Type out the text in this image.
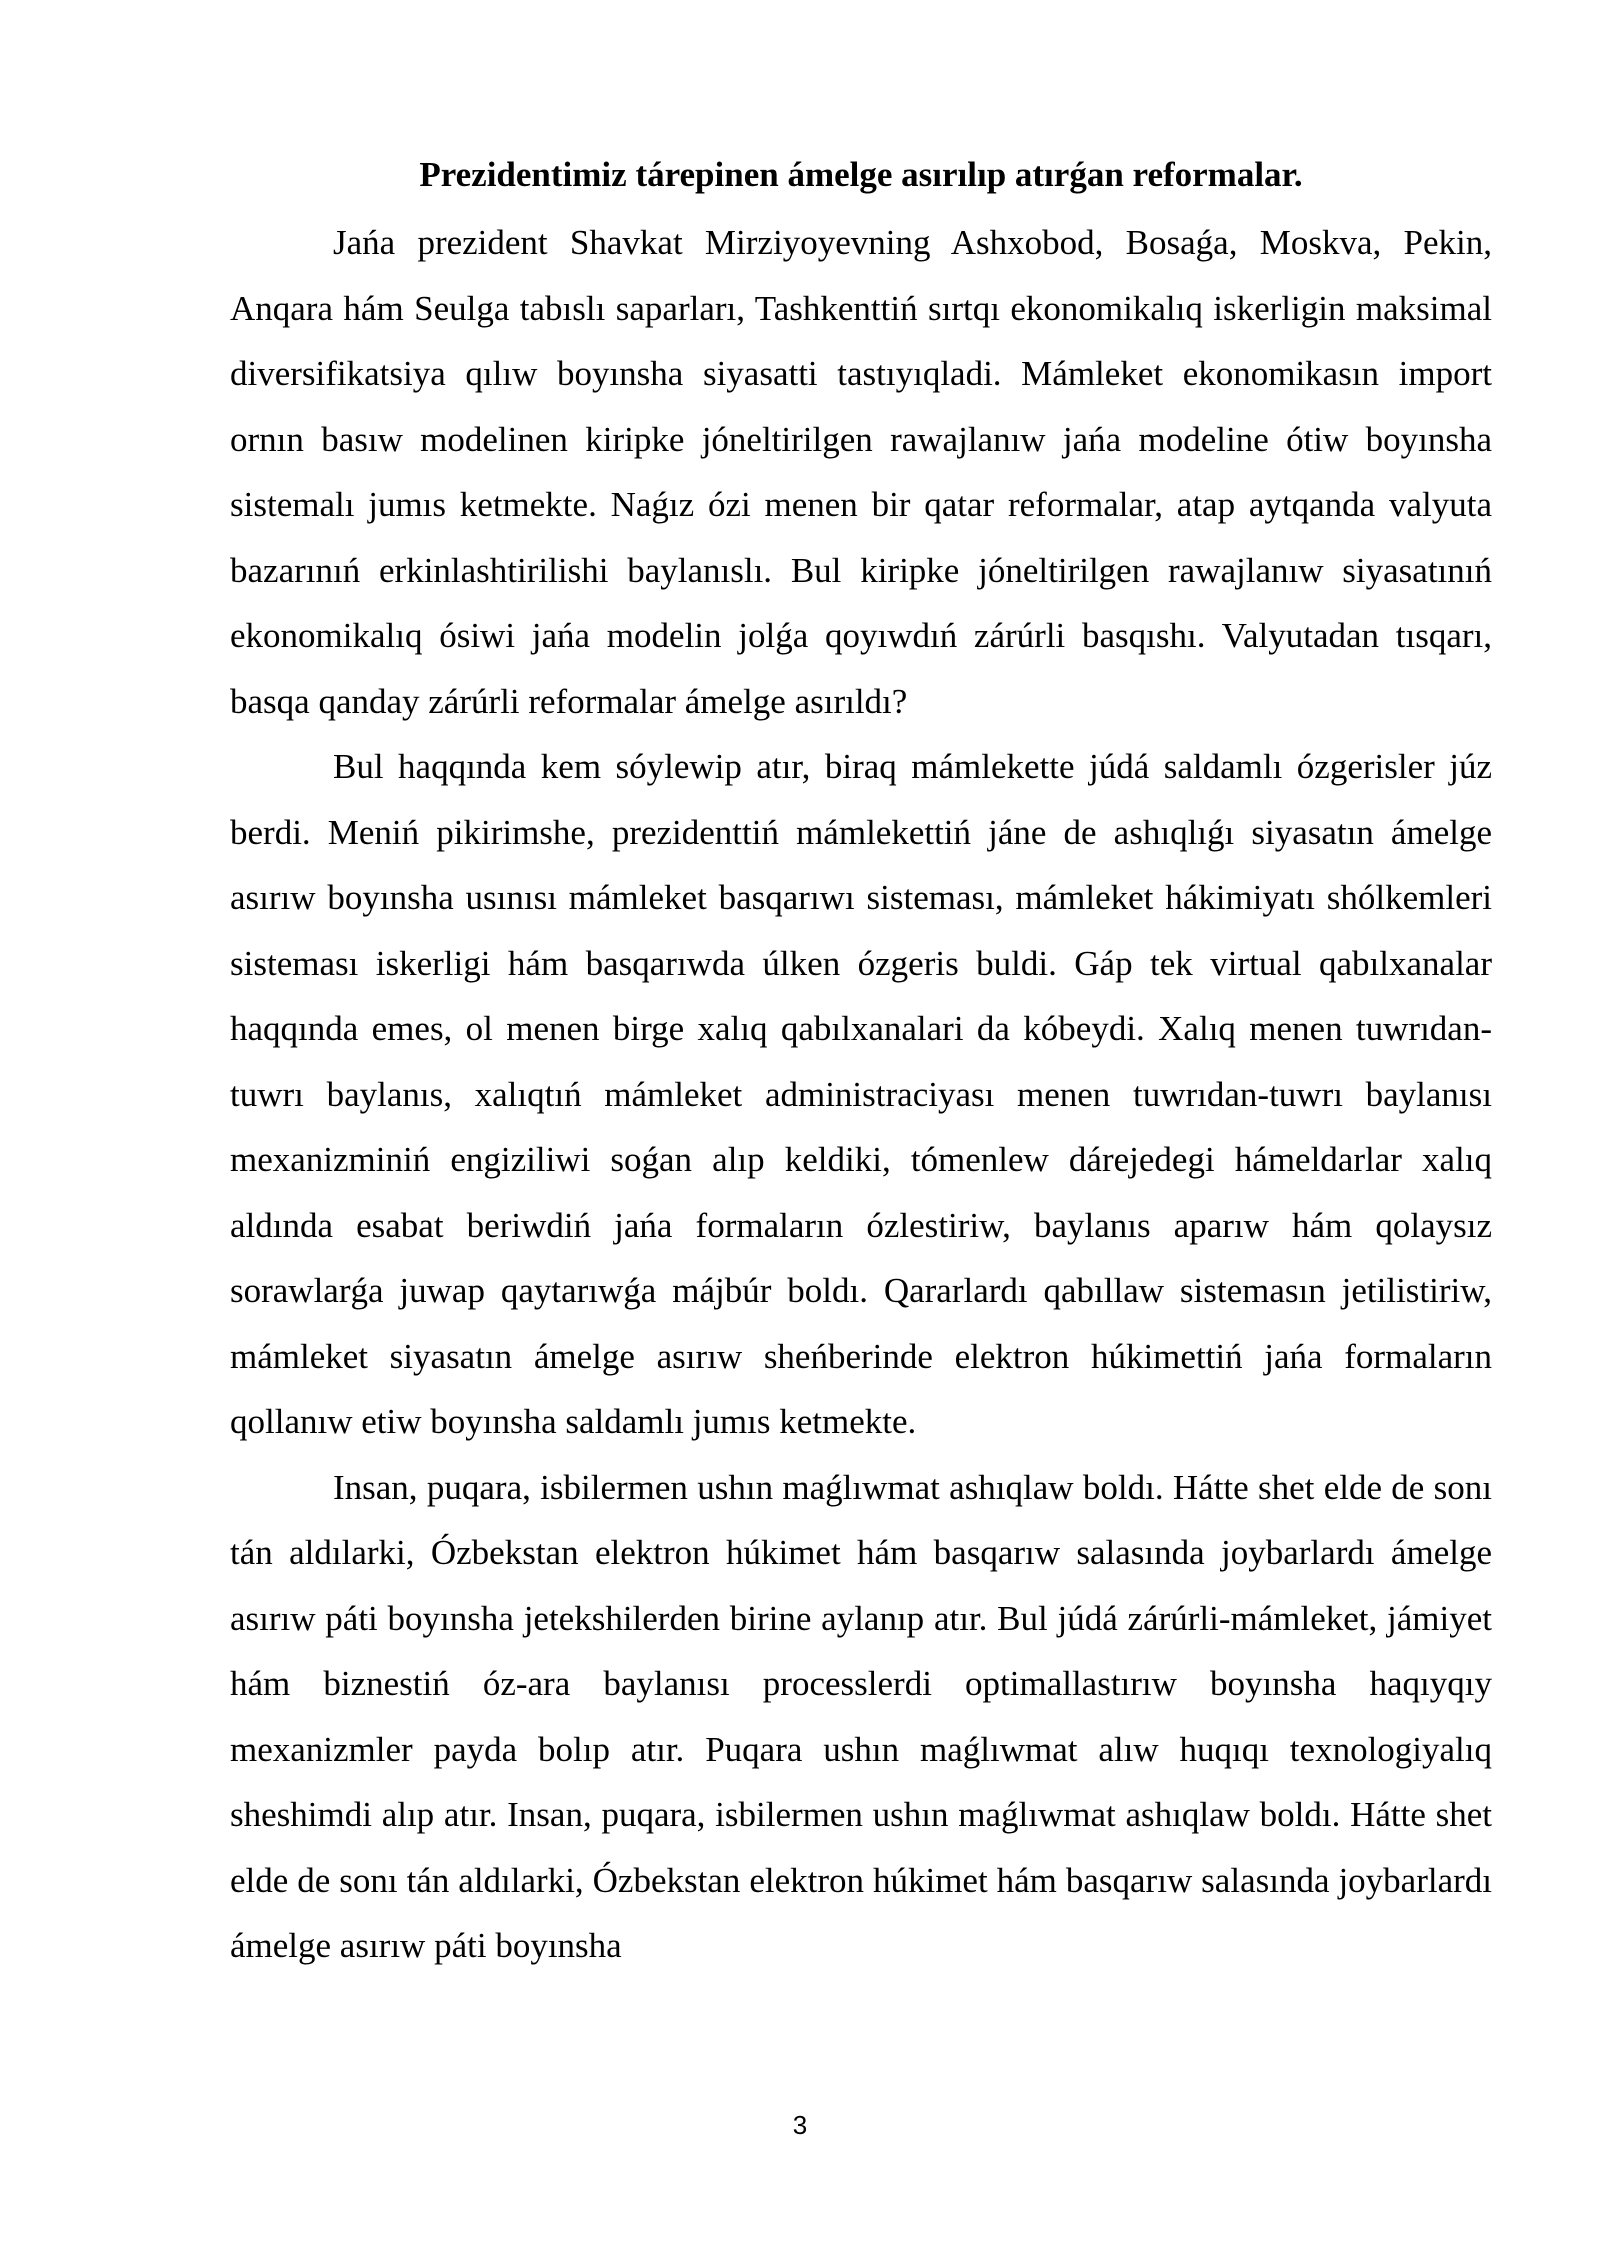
Prezidentimiz tárepinen ámelge asırılıp atırǵan reformalar.

Jańa prezident Shavkat Mirziyoyevning Ashxobod, Bosaǵa, Moskva, Pekin, Anqara hám Seulga tabıslı saparları, Tashkenttiń sırtqı ekonomikalıq iskerligin maksimal diversifikatsiya qılıw boyınsha siyasatti tastıyıqladi. Mámleket ekonomikasın import ornın basıw modelinen kiripke jóneltirilgen rawajlanıw jańa modeline ótiw boyınsha sistemalı jumıs ketmekte. Naǵız ózi menen bir qatar reformalar, atap aytqanda valyuta bazarınıń erkinlashtirilishi baylanıslı. Bul kiripke jóneltirilgen rawajlanıw siyasatınıń ekonomikalıq ósiwi jańa modelin jolǵa qoyıwdıń zárúrli basqıshı. Valyutadan tısqarı, basqa qanday zárúrli reformalar ámelge asırıldı?

Bul haqqında kem sóylewip atır, biraq mámlekette júdá saldamlı ózgerisler júz berdi. Meniń pikirimshe, prezidenttiń mámlekettiń jáne de ashıqlıǵı siyasatın ámelge asırıw boyınsha usınısı mámleket basqarıwı sisteması, mámleket hákimiyatı shólkemleri sisteması iskerligi hám basqarıwda úlken ózgeris buldi. Gáp tek virtual qabılxanalar haqqında emes, ol menen birge xalıq qabılxanalari da kóbeydi. Xalıq menen tuwrıdan-tuwrı baylanıs, xalıqtıń mámleket administraciyası menen tuwrıdan-tuwrı baylanısı mexanizminiń engiziliwi soǵan alıp keldiki, tómenlew dárejedegi hámeldarlar xalıq aldında esabat beriwdiń jańa formaların ózlestiriw, baylanıs aparıw hám qolaysız sorawlarǵa juwap qaytarıwǵa májbúr boldı. Qararlardı qabıllaw sistemasın jetilistiriw, mámleket siyasatın ámelge asırıw sheńberinde elektron húkimettiń jańa formaların qollanıw etiw boyınsha saldamlı jumıs ketmekte.

Insan, puqara, isbilermen ushın maǵlıwmat ashıqlaw boldı. Hátte shet elde de sonı tán aldılarki, Ózbekstan elektron húkimet hám basqarıw salasında joybarlardı ámelge asırıw páti boyınsha jetekshilerden birine aylanıp atır. Bul júdá zárúrli-mámleket, jámiyet hám biznestiń óz-ara baylanısı processlerdi optimallastırıw boyınsha haqıyqıy mexanizmler payda bolıp atır. Puqara ushın maǵlıwmat alıw huqıqı texnologiyalıq sheshimdi alıp atır. Insan, puqara, isbilermen ushın maǵlıwmat ashıqlaw boldı. Hátte shet elde de sonı tán aldılarki, Ózbekstan elektron húkimet hám basqarıw salasında joybarlardı ámelge asırıw páti boyınsha

3
